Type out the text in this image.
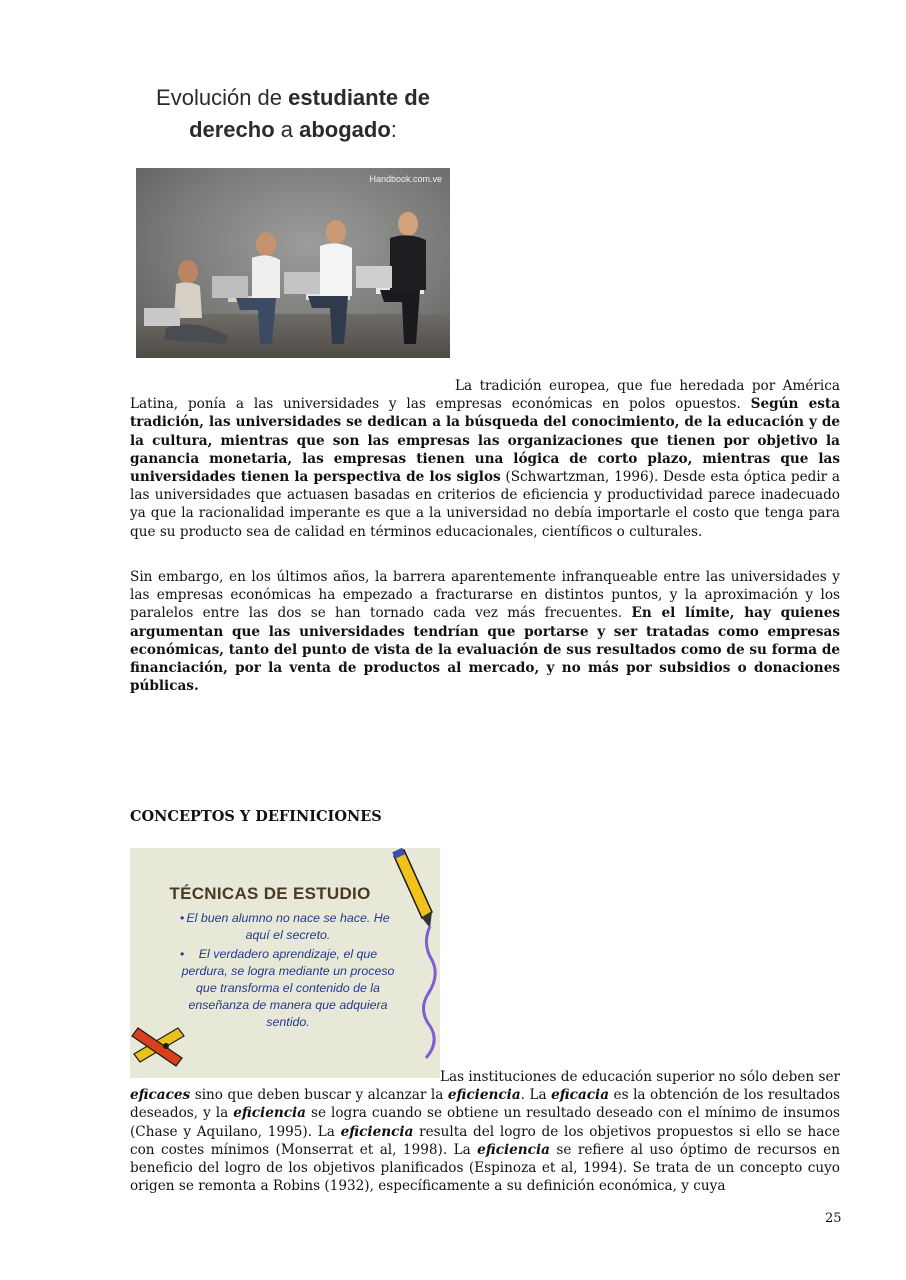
Evolución de estudiante de
derecho a abogado:
Handbook.com.ve
La tradición europea, que fue heredada por América Latina, ponía a las universidades y las empresas económicas en polos opuestos. Según esta tradición, las universidades se dedican a la búsqueda del conocimiento, de la educación y de la cultura, mientras que son las empresas las organizaciones que tienen por objetivo la ganancia monetaria, las empresas tienen una lógica de corto plazo, mientras que las universidades tienen la perspectiva de los siglos (Schwartzman, 1996). Desde esta óptica pedir a las universidades que actuasen basadas en criterios de eficiencia y productividad parece inadecuado ya que la racionalidad imperante es que a la universidad no debía importarle el costo que tenga para que su producto sea de calidad en términos educacionales, científicos o culturales.
Sin embargo, en los últimos años, la barrera aparentemente infranqueable entre las universidades y las empresas económicas ha empezado a fracturarse en distintos puntos, y la aproximación y los paralelos entre las dos se han tornado cada vez más frecuentes. En el límite, hay quienes argumentan que las universidades tendrían que portarse y ser tratadas como empresas económicas, tanto del punto de vista de la evaluación de sus resultados como de su forma de financiación, por la venta de productos al mercado, y no más por subsidios o donaciones públicas.
CONCEPTOS Y DEFINICIONES
TÉCNICAS DE ESTUDIO
• El buen alumno no nace se hace. He aquí el secreto.
• El verdadero aprendizaje, el que perdura, se logra mediante un proceso que transforma el contenido de la enseñanza de manera que adquiera sentido.
Las instituciones de educación superior no sólo deben ser eficaces sino que deben buscar y alcanzar la eficiencia. La eficacia es la obtención de los resultados deseados, y la eficiencia se logra cuando se obtiene un resultado deseado con el mínimo de insumos (Chase y Aquilano, 1995). La eficiencia resulta del logro de los objetivos propuestos si ello se hace con costes mínimos (Monserrat et al, 1998). La eficiencia se refiere al uso óptimo de recursos en beneficio del logro de los objetivos planificados (Espinoza et al, 1994). Se trata de un concepto cuyo origen se remonta a Robins (1932), específicamente a su definición económica, y cuya
25
